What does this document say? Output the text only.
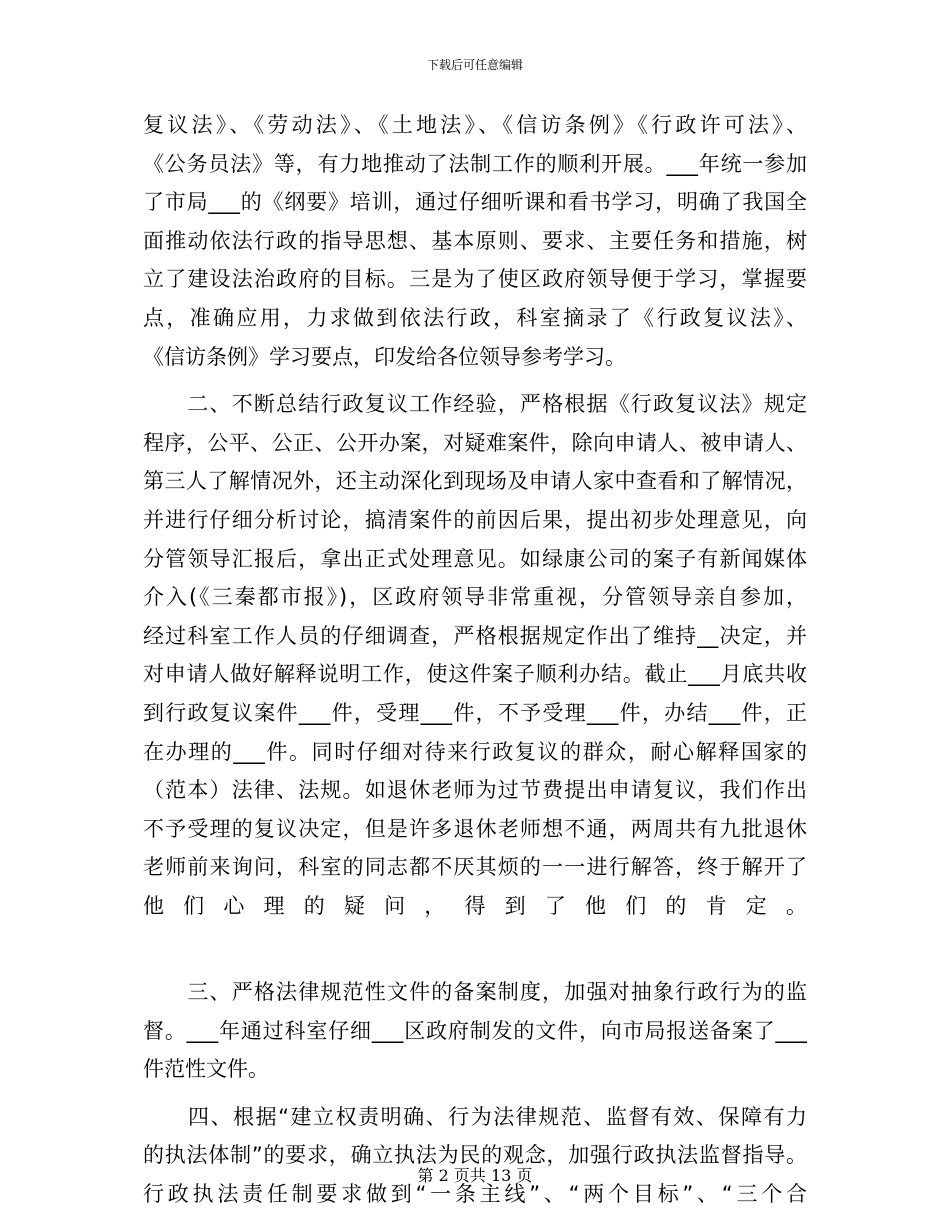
下载后可任意编辑
复议法》、《劳动法》、《土地法》、《信访条例》《行政许可法》、
《公务员法》等，有力地推动了法制工作的顺利开展。___年统一参加
了市局___的《纲要》培训，通过仔细听课和看书学习，明确了我国全
面推动依法行政的指导思想、基本原则、要求、主要任务和措施，树
立了建设法治政府的目标。三是为了使区政府领导便于学习，掌握要
点，准确应用，力求做到依法行政，科室摘录了《行政复议法》、
《信访条例》学习要点，印发给各位领导参考学习。
　　二、不断总结行政复议工作经验，严格根据《行政复议法》规定
程序，公平、公正、公开办案，对疑难案件，除向申请人、被申请人、
第三人了解情况外，还主动深化到现场及申请人家中查看和了解情况，
并进行仔细分析讨论，搞清案件的前因后果，提出初步处理意见，向
分管领导汇报后，拿出正式处理意见。如绿康公司的案子有新闻媒体
介入(《三秦都市报》)，区政府领导非常重视，分管领导亲自参加，
经过科室工作人员的仔细调查，严格根据规定作出了维持__决定，并
对申请人做好解释说明工作，使这件案子顺利办结。截止___月底共收
到行政复议案件___件，受理___件，不予受理___件，办结___件，正
在办理的___件。同时仔细对待来行政复议的群众，耐心解释国家的
（范本）法律、法规。如退休老师为过节费提出申请复议，我们作出
不予受理的复议决定，但是许多退休老师想不通，两周共有九批退休
老师前来询问，科室的同志都不厌其烦的一一进行解答，终于解开了
他们心理的疑问，得到了他们的肯定。
　　三、严格法律规范性文件的备案制度，加强对抽象行政行为的监
督。___年通过科室仔细___区政府制发的文件，向市局报送备案了___
件范性文件。
　　四、根据“建立权责明确、行为法律规范、监督有效、保障有力
的执法体制”的要求，确立执法为民的观念，加强行政执法监督指导。
行政执法责任制要求做到“一条主线”、“两个目标”、“三个合
第 2 页共 13 页
